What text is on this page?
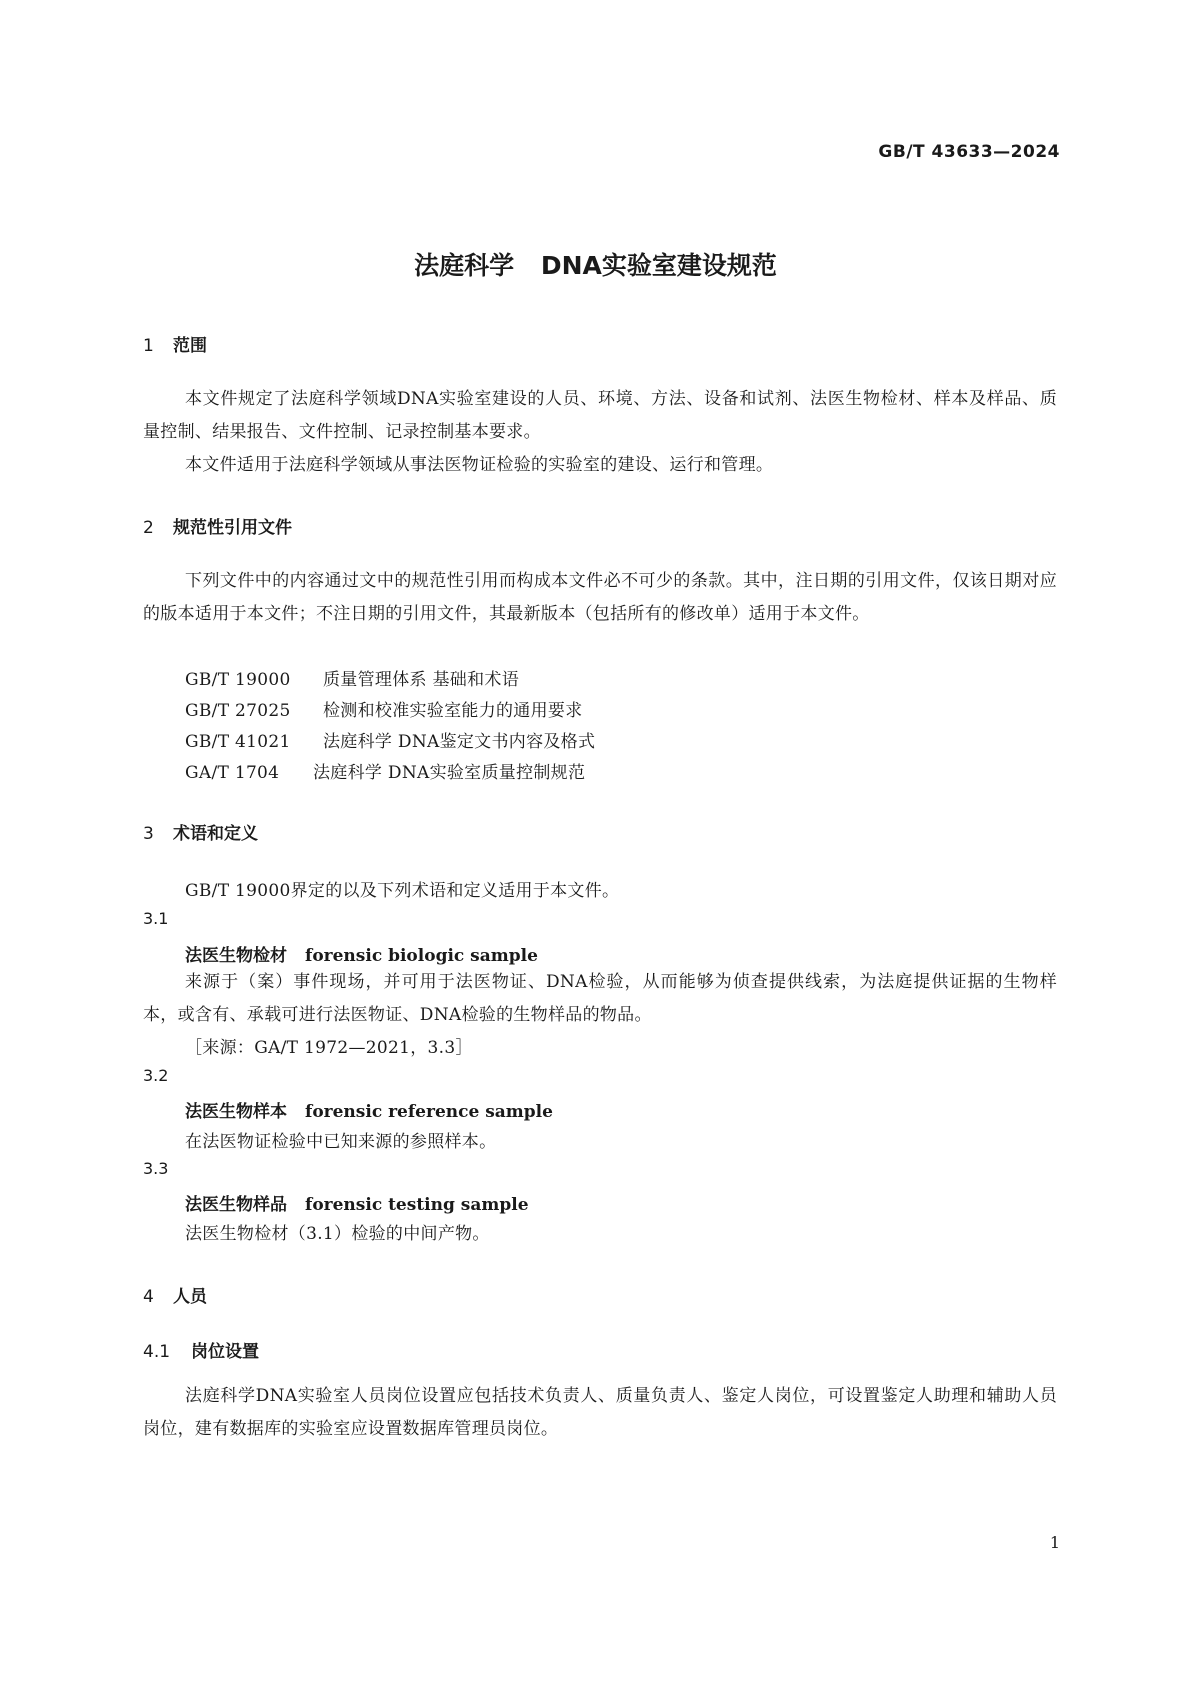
GB/T 43633—2024
法庭科学 DNA实验室建设规范
1 范围
本文件规定了法庭科学领域DNA实验室建设的人员、环境、方法、设备和试剂、法医生物检材、样本及样品、质量控制、结果报告、文件控制、记录控制基本要求。
本文件适用于法庭科学领域从事法医物证检验的实验室的建设、运行和管理。
2 规范性引用文件
下列文件中的内容通过文中的规范性引用而构成本文件必不可少的条款。其中，注日期的引用文件，仅该日期对应的版本适用于本文件；不注日期的引用文件，其最新版本（包括所有的修改单）适用于本文件。
GB/T 19000 质量管理体系 基础和术语
GB/T 27025 检测和校准实验室能力的通用要求
GB/T 41021 法庭科学 DNA鉴定文书内容及格式
GA/T 1704 法庭科学 DNA实验室质量控制规范
3 术语和定义
GB/T 19000界定的以及下列术语和定义适用于本文件。
3.1
法医生物检材 forensic biologic sample
来源于（案）事件现场，并可用于法医物证、DNA检验，从而能够为侦查提供线索，为法庭提供证据的生物样本，或含有、承载可进行法医物证、DNA检验的生物样品的物品。
［来源：GA/T 1972—2021，3.3］
3.2
法医生物样本 forensic reference sample
在法医物证检验中已知来源的参照样本。
3.3
法医生物样品 forensic testing sample
法医生物检材（3.1）检验的中间产物。
4 人员
4.1 岗位设置
法庭科学DNA实验室人员岗位设置应包括技术负责人、质量负责人、鉴定人岗位，可设置鉴定人助理和辅助人员岗位，建有数据库的实验室应设置数据库管理员岗位。
1
